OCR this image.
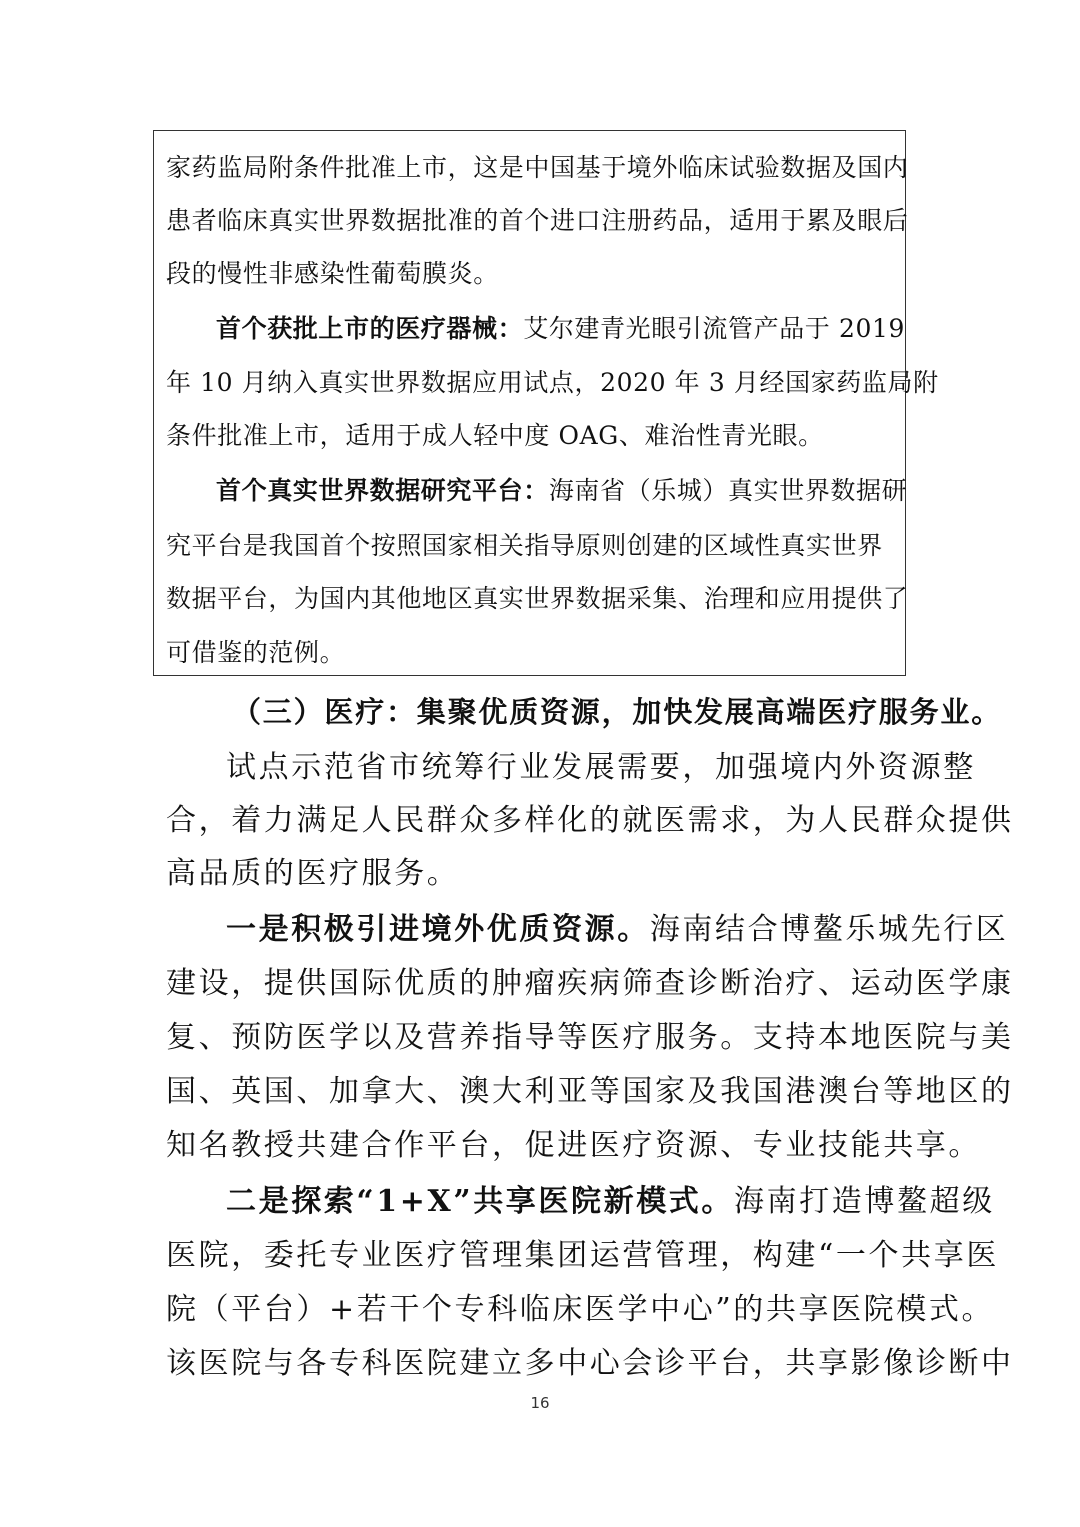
家药监局附条件批准上市，这是中国基于境外临床试验数据及国内
患者临床真实世界数据批准的首个进口注册药品，适用于累及眼后
段的慢性非感染性葡萄膜炎。
首个获批上市的医疗器械：艾尔建青光眼引流管产品于 2019
年 10 月纳入真实世界数据应用试点，2020 年 3 月经国家药监局附
条件批准上市，适用于成人轻中度 OAG、难治性青光眼。
首个真实世界数据研究平台：海南省（乐城）真实世界数据研
究平台是我国首个按照国家相关指导原则创建的区域性真实世界
数据平台，为国内其他地区真实世界数据采集、治理和应用提供了
可借鉴的范例。
（三）医疗：集聚优质资源，加快发展高端医疗服务业。
试点示范省市统筹行业发展需要，加强境内外资源整
合，着力满足人民群众多样化的就医需求，为人民群众提供
高品质的医疗服务。
一是积极引进境外优质资源。海南结合博鳌乐城先行区
建设，提供国际优质的肿瘤疾病筛查诊断治疗、运动医学康
复、预防医学以及营养指导等医疗服务。支持本地医院与美
国、英国、加拿大、澳大利亚等国家及我国港澳台等地区的
知名教授共建合作平台，促进医疗资源、专业技能共享。
二是探索“1+X”共享医院新模式。海南打造博鳌超级
医院，委托专业医疗管理集团运营管理，构建“一个共享医
院（平台）+若干个专科临床医学中心”的共享医院模式。
该医院与各专科医院建立多中心会诊平台，共享影像诊断中
16
